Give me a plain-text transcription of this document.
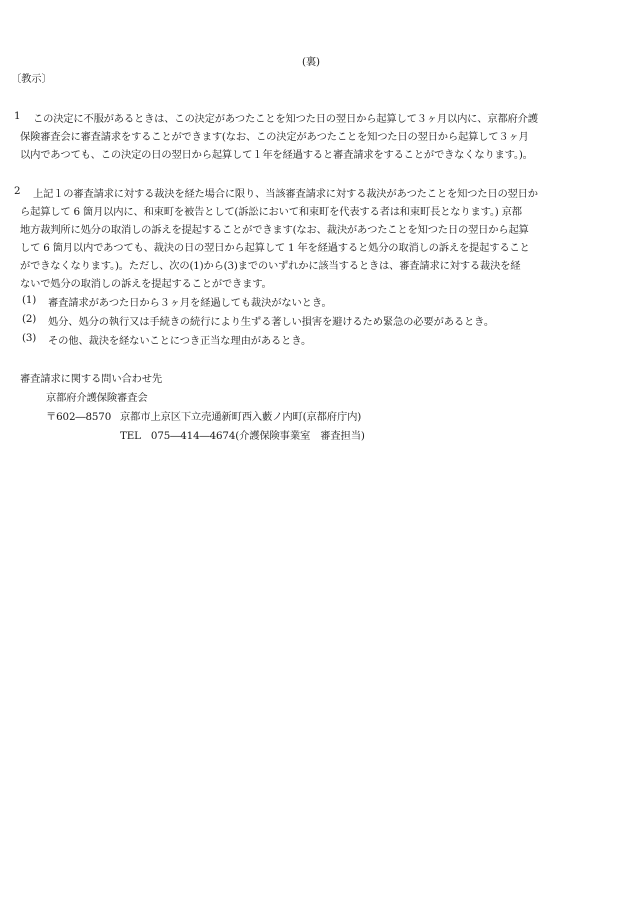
(裏)
〔教示〕
1 この決定に不服があるときは、この決定があつたことを知つた日の翌日から起算して３ヶ月以内に、京都府介護
保険審査会に審査請求をすることができます(なお、この決定があつたことを知つた日の翌日から起算して３ヶ月
以内であつても、この決定の日の翌日から起算して１年を経過すると審査請求をすることができなくなります。)。
2 上記１の審査請求に対する裁決を経た場合に限り、当該審査請求に対する裁決があつたことを知つた日の翌日か
ら起算して 6 箇月以内に、和束町を被告として(訴訟において和束町を代表する者は和束町長となります。) 京都
地方裁判所に処分の取消しの訴えを提起することができます(なお、裁決があつたことを知つた日の翌日から起算
して 6 箇月以内であつても、裁決の日の翌日から起算して 1 年を経過すると処分の取消しの訴えを提起すること
ができなくなります。)。ただし、次の(1)から(3)までのいずれかに該当するときは、審査請求に対する裁決を経
ないで処分の取消しの訴えを提起することができます。
(1) 審査請求があつた日から３ヶ月を経過しても裁決がないとき。
(2) 処分、処分の執行又は手続きの続行により生ずる著しい損害を避けるため緊急の必要があるとき。
(3) その他、裁決を経ないことにつき正当な理由があるとき。
審査請求に関する問い合わせ先
京都府介護保険審査会
〒602―8570 京都市上京区下立売通新町西入藪ノ内町(京都府庁内)
TEL　075―414―4674(介護保険事業室　審査担当)
